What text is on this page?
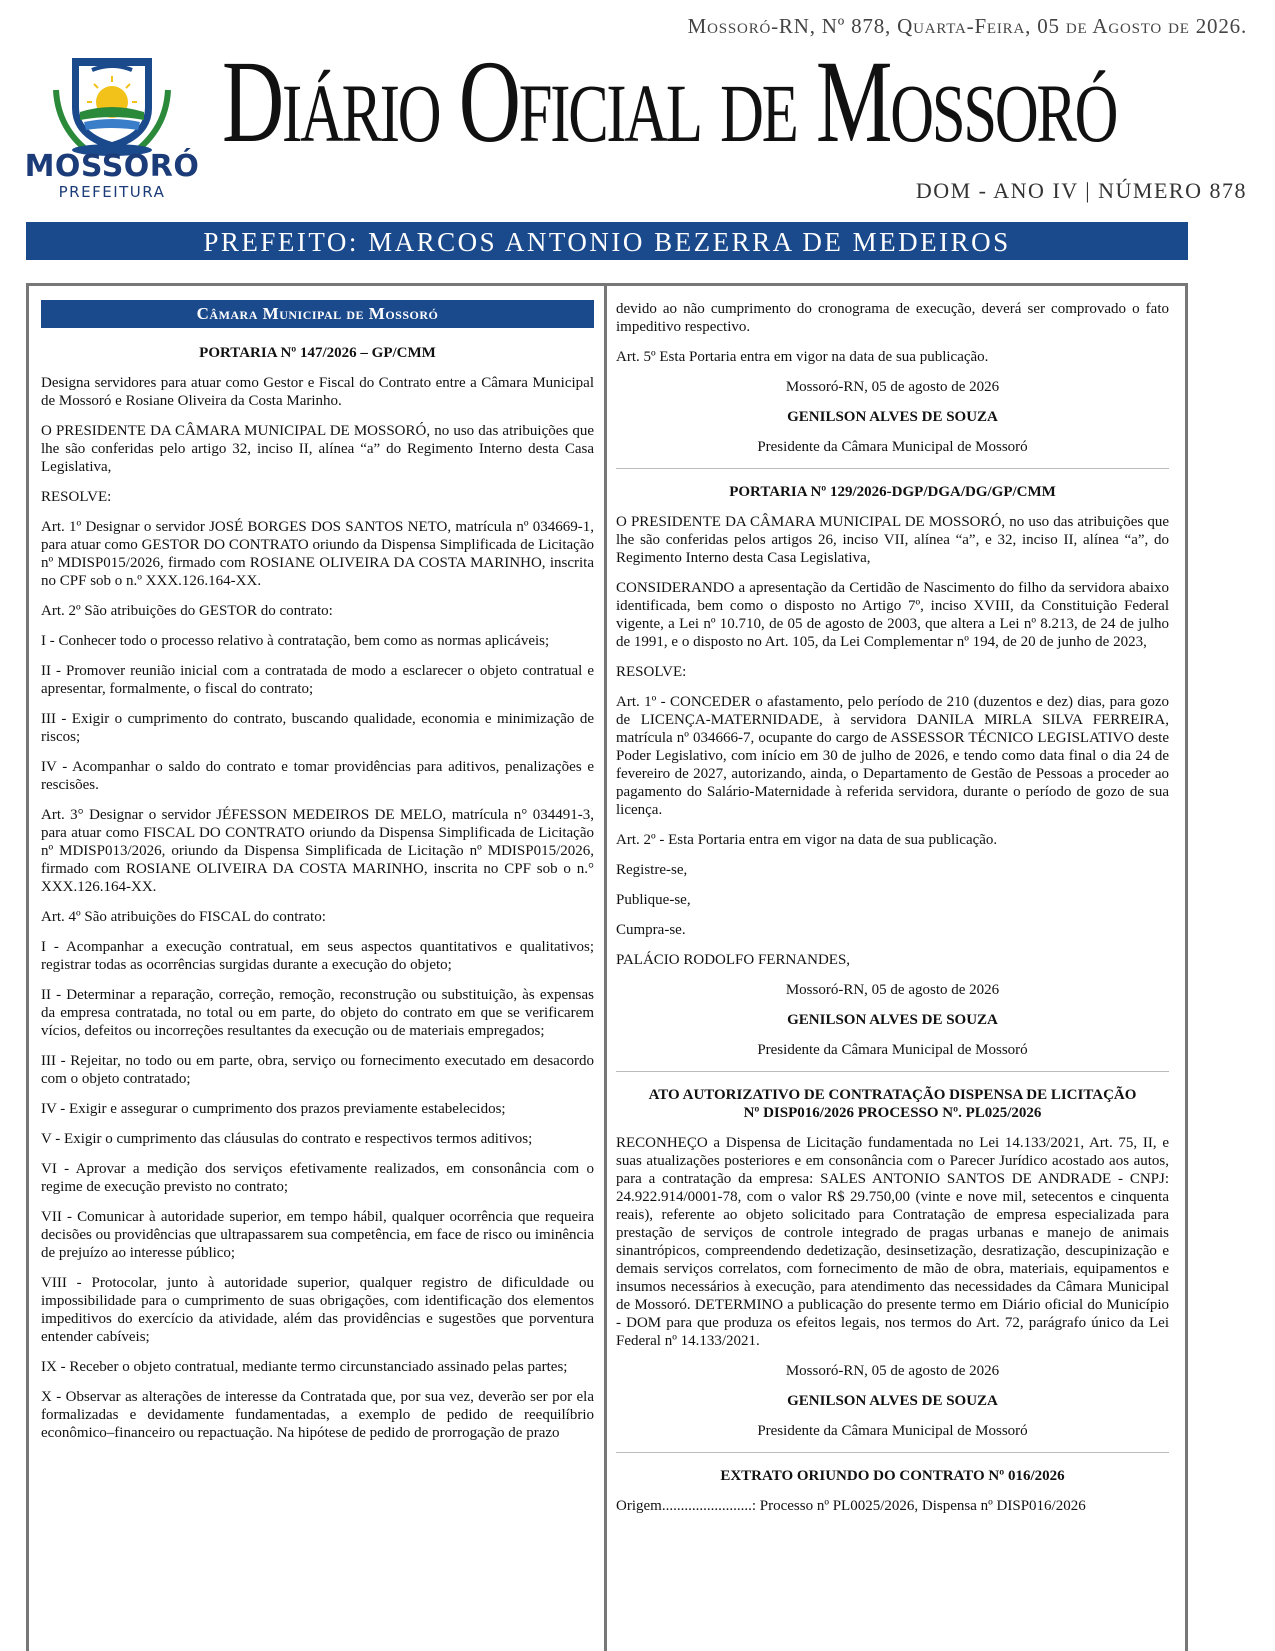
MOSSORÓ
PREFEITURA
Mossoró-RN, Nº 878, Quarta-Feira, 05 de Agosto de 2026.
Diário Oficial de Mossoró
DOM - ANO IV | NÚMERO 878
PREFEITO: MARCOS ANTONIO BEZERRA DE MEDEIROS
Câmara Municipal de Mossoró

PORTARIA Nº 147/2026 – GP/CMM

Designa servidores para atuar como Gestor e Fiscal do Contrato entre a Câmara Municipal de Mossoró e Rosiane Oliveira da Costa Marinho.

O PRESIDENTE DA CÂMARA MUNICIPAL DE MOSSORÓ, no uso das atribuições que lhe são conferidas pelo artigo 32, inciso II, alínea “a” do Regimento Interno desta Casa Legislativa,

RESOLVE:

Art. 1º Designar o servidor JOSÉ BORGES DOS SANTOS NETO, matrícula nº 034669-1, para atuar como GESTOR DO CONTRATO oriundo da Dispensa Simplificada de Licitação nº MDISP015/2026, firmado com ROSIANE OLIVEIRA DA COSTA MARINHO, inscrita no CPF sob o n.º XXX.126.164-XX.

Art. 2º São atribuições do GESTOR do contrato:

I - Conhecer todo o processo relativo à contratação, bem como as normas aplicáveis;

II - Promover reunião inicial com a contratada de modo a esclarecer o objeto contratual e apresentar, formalmente, o fiscal do contrato;

III - Exigir o cumprimento do contrato, buscando qualidade, economia e minimização de riscos;

IV - Acompanhar o saldo do contrato e tomar providências para aditivos, penalizações e rescisões.

Art. 3° Designar o servidor JÉFESSON MEDEIROS DE MELO, matrícula n° 034491-3, para atuar como FISCAL DO CONTRATO oriundo da Dispensa Simplificada de Licitação nº MDISP013/2026, oriundo da Dispensa Simplificada de Licitação nº MDISP015/2026, firmado com ROSIANE OLIVEIRA DA COSTA MARINHO, inscrita no CPF sob o n.° XXX.126.164-XX.

Art. 4º São atribuições do FISCAL do contrato:

I - Acompanhar a execução contratual, em seus aspectos quantitativos e qualitativos; registrar todas as ocorrências surgidas durante a execução do objeto;

II - Determinar a reparação, correção, remoção, reconstrução ou substituição, às expensas da empresa contratada, no total ou em parte, do objeto do contrato em que se verificarem vícios, defeitos ou incorreções resultantes da execução ou de materiais empregados;

III - Rejeitar, no todo ou em parte, obra, serviço ou fornecimento executado em desacordo com o objeto contratado;

IV - Exigir e assegurar o cumprimento dos prazos previamente estabelecidos;

V - Exigir o cumprimento das cláusulas do contrato e respectivos termos aditivos;

VI - Aprovar a medição dos serviços efetivamente realizados, em consonância com o regime de execução previsto no contrato;

VII - Comunicar à autoridade superior, em tempo hábil, qualquer ocorrência que requeira decisões ou providências que ultrapassarem sua competência, em face de risco ou iminência de prejuízo ao interesse público;

VIII - Protocolar, junto à autoridade superior, qualquer registro de dificuldade ou impossibilidade para o cumprimento de suas obrigações, com identificação dos elementos impeditivos do exercício da atividade, além das providências e sugestões que porventura entender cabíveis;

IX - Receber o objeto contratual, mediante termo circunstanciado assinado pelas partes;

X - Observar as alterações de interesse da Contratada que, por sua vez, deverão ser por ela formalizadas e devidamente fundamentadas, a exemplo de pedido de reequilíbrio econômico–financeiro ou repactuação. Na hipótese de pedido de prorrogação de prazo

devido ao não cumprimento do cronograma de execução, deverá ser comprovado o fato impeditivo respectivo.

Art. 5º Esta Portaria entra em vigor na data de sua publicação.

Mossoró-RN, 05 de agosto de 2026

GENILSON ALVES DE SOUZA

Presidente da Câmara Municipal de Mossoró

PORTARIA Nº 129/2026-DGP/DGA/DG/GP/CMM

O PRESIDENTE DA CÂMARA MUNICIPAL DE MOSSORÓ, no uso das atribuições que lhe são conferidas pelos artigos 26, inciso VII, alínea “a”, e 32, inciso II, alínea “a”, do Regimento Interno desta Casa Legislativa,

CONSIDERANDO a apresentação da Certidão de Nascimento do filho da servidora abaixo identificada, bem como o disposto no Artigo 7º, inciso XVIII, da Constituição Federal vigente, a Lei nº 10.710, de 05 de agosto de 2003, que altera a Lei nº 8.213, de 24 de julho de 1991, e o disposto no Art. 105, da Lei Complementar nº 194, de 20 de junho de 2023,

RESOLVE:

Art. 1º - CONCEDER o afastamento, pelo período de 210 (duzentos e dez) dias, para gozo de LICENÇA-MATERNIDADE, à servidora DANILA MIRLA SILVA FERREIRA, matrícula nº 034666-7, ocupante do cargo de ASSESSOR TÉCNICO LEGISLATIVO deste Poder Legislativo, com início em 30 de julho de 2026, e tendo como data final o dia 24 de fevereiro de 2027, autorizando, ainda, o Departamento de Gestão de Pessoas a proceder ao pagamento do Salário-Maternidade à referida servidora, durante o período de gozo de sua licença.

Art. 2º - Esta Portaria entra em vigor na data de sua publicação.

Registre-se,

Publique-se,

Cumpra-se.

PALÁCIO RODOLFO FERNANDES,

Mossoró-RN, 05 de agosto de 2026

GENILSON ALVES DE SOUZA

Presidente da Câmara Municipal de Mossoró

ATO AUTORIZATIVO DE CONTRATAÇÃO DISPENSA DE LICITAÇÃO

Nº DISP016/2026 PROCESSO Nº. PL025/2026

RECONHEÇO a Dispensa de Licitação fundamentada no Lei 14.133/2021, Art. 75, II, e suas atualizações posteriores e em consonância com o Parecer Jurídico acostado aos autos, para a contratação da empresa: SALES ANTONIO SANTOS DE ANDRADE - CNPJ: 24.922.914/0001-78, com o valor R$ 29.750,00 (vinte e nove mil, setecentos e cinquenta reais), referente ao objeto solicitado para Contratação de empresa especializada para prestação de serviços de controle integrado de pragas urbanas e manejo de animais sinantrópicos, compreendendo dedetização, desinsetização, desratização, descupinização e demais serviços correlatos, com fornecimento de mão de obra, materiais, equipamentos e insumos necessários à execução, para atendimento das necessidades da Câmara Municipal de Mossoró. DETERMINO a publicação do presente termo em Diário oficial do Município - DOM para que produza os efeitos legais, nos termos do Art. 72, parágrafo único da Lei Federal nº 14.133/2021.

Mossoró-RN, 05 de agosto de 2026

GENILSON ALVES DE SOUZA

Presidente da Câmara Municipal de Mossoró

EXTRATO ORIUNDO DO CONTRATO Nº 016/2026

Origem........................: Processo nº PL0025/2026, Dispensa nº DISP016/2026
